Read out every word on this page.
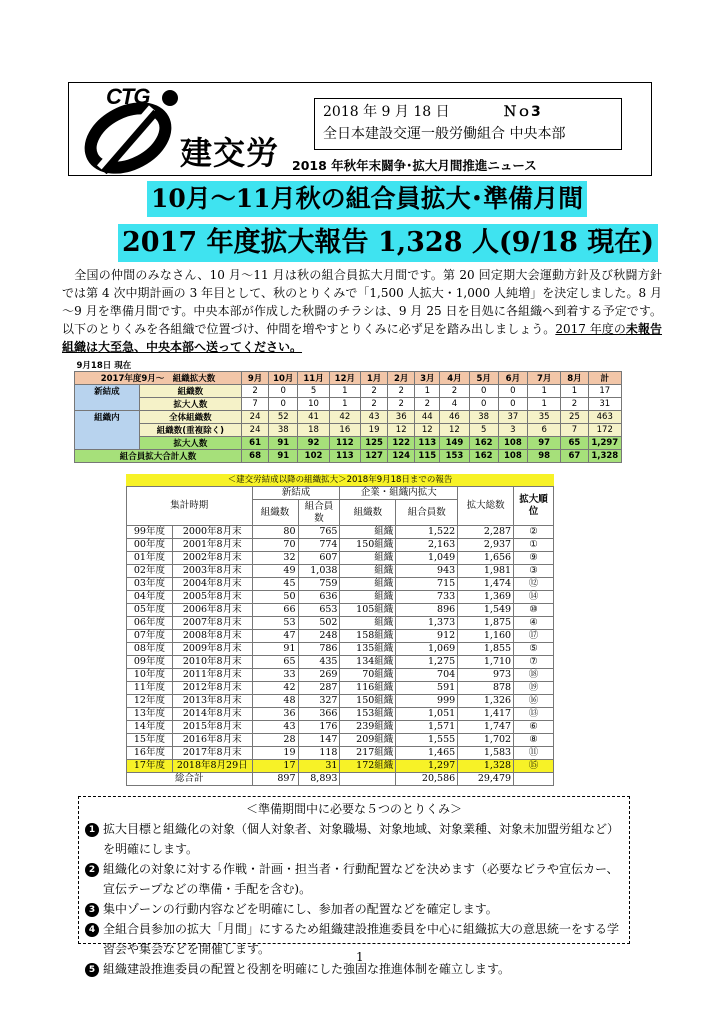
CTG
建交労
2018 年 9 月 18 日	Ｎｏ3
全日本建設交運一般労働組合 中央本部
2018 年秋年末闘争･拡大月間推進ニュース
10月～11月秋の組合員拡大･準備月間
2017 年度拡大報告 1,328 人(9/18 現在)
　全国の仲間のみなさん、10 月～11 月は秋の組合員拡大月間です。第 20 回定期大会運動方針及び秋闘方針では第 4 次中期計画の 3 年目として、秋のとりくみで「1,500 人拡大・1,000 人純増」を決定しました。8 月～9 月を準備月間です。中央本部が作成した秋闘のチラシは、9 月 25 日を目処に各組織へ到着する予定です。以下のとりくみを各組織で位置づけ、仲間を増やすとりくみに必ず足を踏み出しましょう。2017 年度の未報告組織は大至急、中央本部へ送ってください。
9月18日 現在														
2017年度9月～　組織拡大数		9月	10月	11月	12月	1月	2月	3月	4月	5月	6月	7月	8月	計
新結成	組織数	2	0	5	1	2	2	1	2	0	0	1	1	17
	拡大人数	7	0	10	1	2	2	2	4	0	0	1	2	31
組織内	全体組織数	24	52	41	42	43	36	44	46	38	37	35	25	463
	組織数(重複除く)	24	38	18	16	19	12	12	12	5	3	6	7	172
	拡大人数	61	91	92	112	125	122	113	149	162	108	97	65	1,297
組合員拡大合計人数		68	91	102	113	127	124	115	153	162	108	98	67	1,328
＜建交労結成以降の組織拡大＞2018年9月18日までの報告
集計時期		新結成		企業・組織内拡大		拡大総数	拡大順位
		組織数	組合員数	組織数	組合員数		
99年度	2000年8月末	80	765	組織	1,522	2,287	②
00年度	2001年8月末	70	774	150組織	2,163	2,937	①
01年度	2002年8月末	32	607	組織	1,049	1,656	⑨
02年度	2003年8月末	49	1,038	組織	943	1,981	③
03年度	2004年8月末	45	759	組織	715	1,474	⑫
04年度	2005年8月末	50	636	組織	733	1,369	⑭
05年度	2006年8月末	66	653	105組織	896	1,549	⑩
06年度	2007年8月末	53	502	組織	1,373	1,875	④
07年度	2008年8月末	47	248	158組織	912	1,160	⑰
08年度	2009年8月末	91	786	135組織	1,069	1,855	⑤
09年度	2010年8月末	65	435	134組織	1,275	1,710	⑦
10年度	2011年8月末	33	269	70組織	704	973	⑱
11年度	2012年8月末	42	287	116組織	591	878	⑲
12年度	2013年8月末	48	327	150組織	999	1,326	⑯
13年度	2014年8月末	36	366	153組織	1,051	1,417	⑬
14年度	2015年8月末	43	176	239組織	1,571	1,747	⑥
15年度	2016年8月末	28	147	209組織	1,555	1,702	⑧
16年度	2017年8月末	19	118	217組織	1,465	1,583	⑪
17年度	2018年8月29日	17	31	172組織	1,297	1,328	⑮
総合計		897	8,893		20,586	29,479	
＜準備期間中に必要な５つのとりくみ＞
1 拡大目標と組織化の対象（個人対象者、対象職場、対象地域、対象業種、対象未加盟労組など）を明確にします。
2 組織化の対象に対する作戦・計画・担当者・行動配置などを決めます（必要なビラや宣伝カー、宣伝テープなどの準備・手配を含む)。
3 集中ゾーンの行動内容などを明確にし、参加者の配置などを確定します。
4 全組合員参加の拡大「月間」にするため組織建設推進委員を中心に組織拡大の意思統一をする学習会や集会などを開催します。
5 組織建設推進委員の配置と役割を明確にした強固な推進体制を確立します。
1
